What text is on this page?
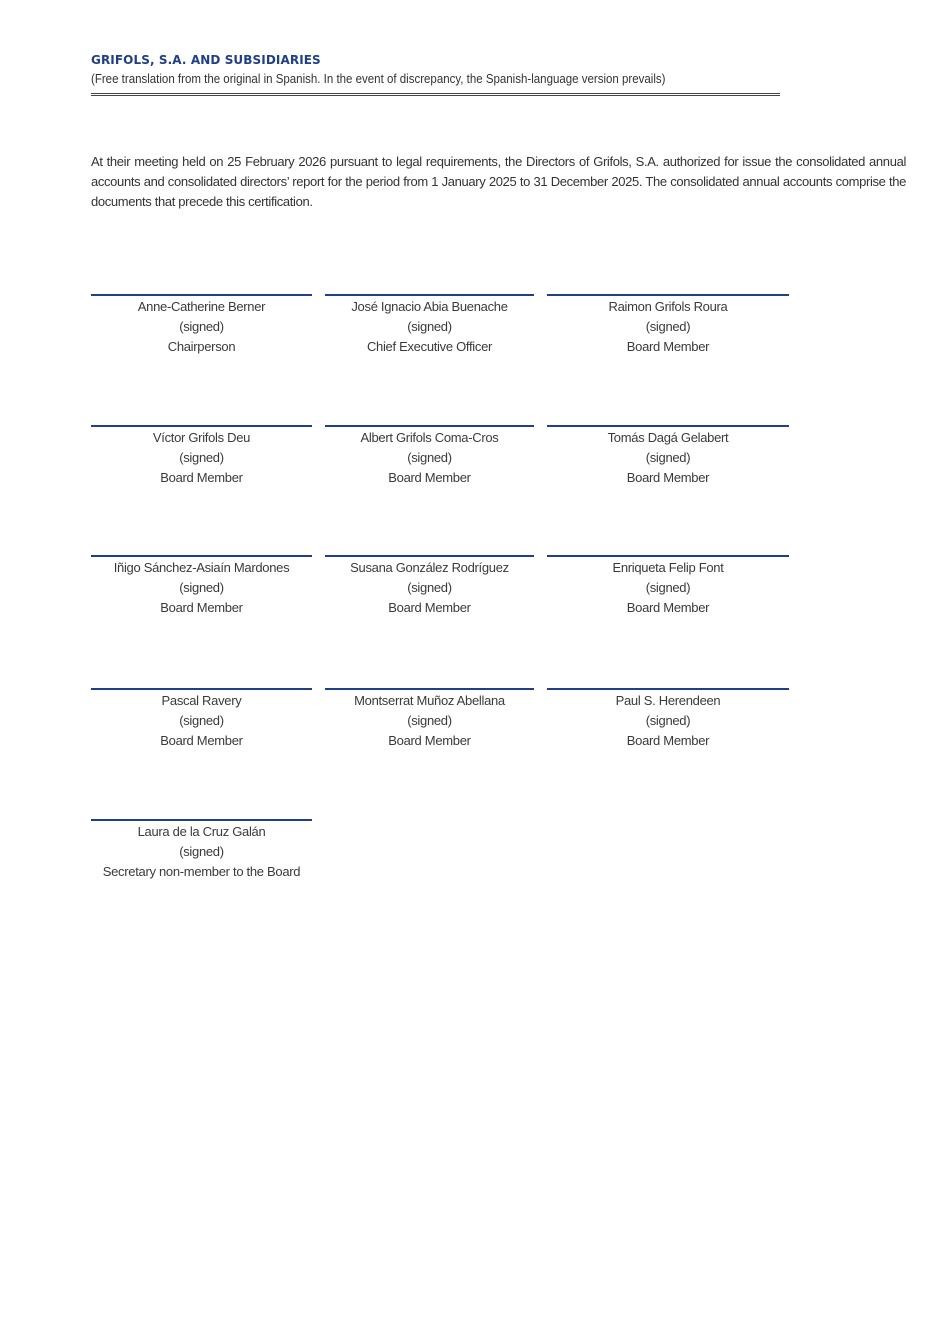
GRIFOLS, S.A. AND SUBSIDIARIES
(Free translation from the original in Spanish. In the event of discrepancy, the Spanish-language version prevails)
At their meeting held on 25 February 2026 pursuant to legal requirements, the Directors of Grifols, S.A. authorized for issue the consolidated annual accounts and consolidated directors’ report for the period from 1 January 2025 to 31 December 2025. The consolidated annual accounts comprise the documents that precede this certification.
Anne-Catherine Berner
(signed)
Chairperson
José Ignacio Abia Buenache
(signed)
Chief Executive Officer
Raimon Grifols Roura
(signed)
Board Member
Víctor Grifols Deu
(signed)
Board Member
Albert Grifols Coma-Cros
(signed)
Board Member
Tomás Dagá Gelabert
(signed)
Board Member
Iñigo Sánchez-Asiaín Mardones
(signed)
Board Member
Susana González Rodríguez
(signed)
Board Member
Enriqueta Felip Font
(signed)
Board Member
Pascal Ravery
(signed)
Board Member
Montserrat Muñoz Abellana
(signed)
Board Member
Paul S. Herendeen
(signed)
Board Member
Laura de la Cruz Galán
(signed)
Secretary non-member to the Board
